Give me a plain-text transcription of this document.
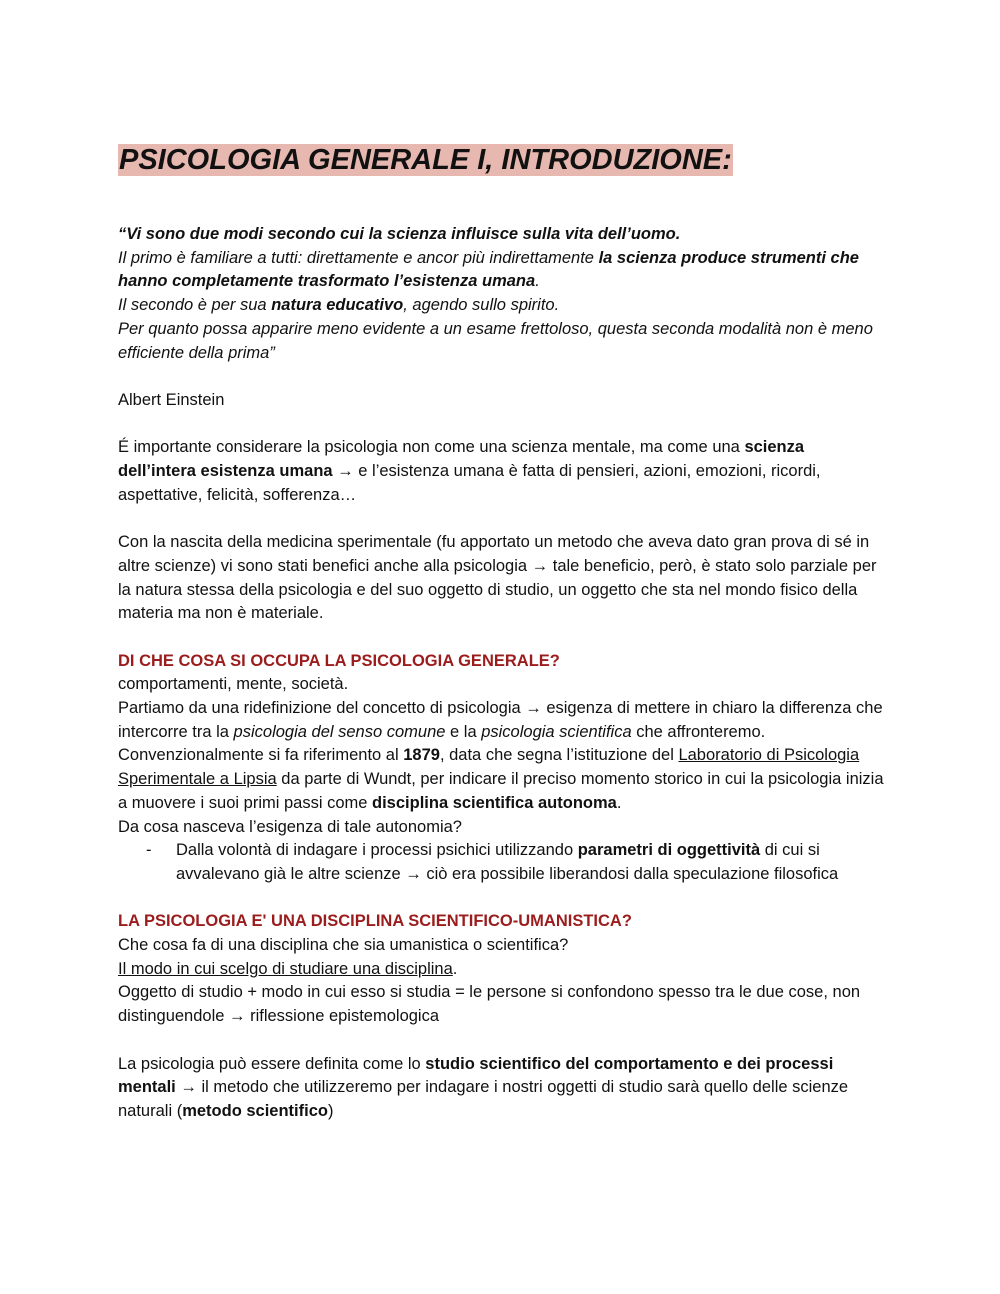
PSICOLOGIA GENERALE I, INTRODUZIONE:

“Vi sono due modi secondo cui la scienza influisce sulla vita dell’uomo.

Il primo è familiare a tutti: direttamente e ancor più indirettamente la scienza produce strumenti che hanno completamente trasformato l’esistenza umana.

Il secondo è per sua natura educativo, agendo sullo spirito.

Per quanto possa apparire meno evidente a un esame frettoloso, questa seconda modalità non è meno efficiente della prima”

Albert Einstein

É importante considerare la psicologia non come una scienza mentale, ma come una scienza dell’intera esistenza umana → e l’esistenza umana è fatta di pensieri, azioni, emozioni, ricordi, aspettative, felicità, sofferenza…

Con la nascita della medicina sperimentale (fu apportato un metodo che aveva dato gran prova di sé in altre scienze) vi sono stati benefici anche alla psicologia → tale beneficio, però, è stato solo parziale per la natura stessa della psicologia e del suo oggetto di studio, un oggetto che sta nel mondo fisico della materia ma non è materiale.

DI CHE COSA SI OCCUPA LA PSICOLOGIA GENERALE?

comportamenti, mente, società.

Partiamo da una ridefinizione del concetto di psicologia → esigenza di mettere in chiaro la differenza che intercorre tra la psicologia del senso comune e la psicologia scientifica che affronteremo.

Convenzionalmente si fa riferimento al 1879, data che segna l’istituzione del Laboratorio di Psicologia Sperimentale a Lipsia da parte di Wundt, per indicare il preciso momento storico in cui la psicologia inizia a muovere i suoi primi passi come disciplina scientifica autonoma.

Da cosa nasceva l’esigenza di tale autonomia?

- Dalla volontà di indagare i processi psichici utilizzando parametri di oggettività di cui si avvalevano già le altre scienze → ciò era possibile liberandosi dalla speculazione filosofica

LA PSICOLOGIA E' UNA DISCIPLINA SCIENTIFICO-UMANISTICA?

Che cosa fa di una disciplina che sia umanistica o scientifica?

Il modo in cui scelgo di studiare una disciplina.

Oggetto di studio + modo in cui esso si studia = le persone si confondono spesso tra le due cose, non distinguendole → riflessione epistemologica

La psicologia può essere definita come lo studio scientifico del comportamento e dei processi mentali → il metodo che utilizzeremo per indagare i nostri oggetti di studio sarà quello delle scienze naturali (metodo scientifico)
